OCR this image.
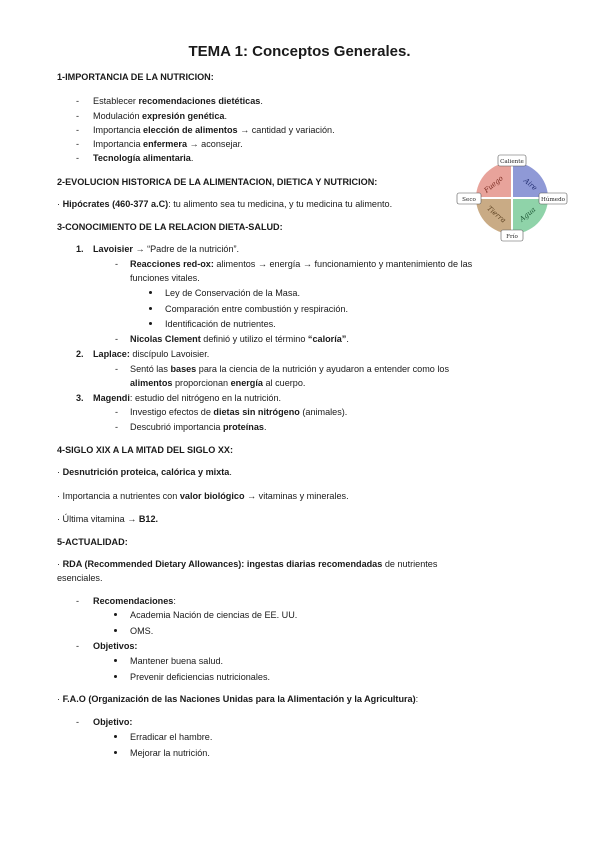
TEMA 1: Conceptos Generales.
1-IMPORTANCIA DE LA NUTRICION:
- Establecer recomendaciones dietéticas.
- Modulación expresión genética.
- Importancia elección de alimentos → cantidad y variación.
- Importancia enfermera → aconsejar.
- Tecnología alimentaria.
2-EVOLUCION HISTORICA DE LA ALIMENTACION, DIETICA Y NUTRICION:
· Hipócrates (460-377 a.C): tu alimento sea tu medicina, y tu medicina tu alimento.
3-CONOCIMIENTO DE LA RELACION DIETA-SALUD:
1. Lavoisier → “Padre de la nutrición”.
- Reacciones red-ox: alimentos → energía → funcionamiento y mantenimiento de las
funciones vitales.
Ley de Conservación de la Masa.
Comparación entre combustión y respiración.
Identificación de nutrientes.
- Nicolas Clement definió y utilizo el término “caloría”.
2. Laplace: discípulo Lavoisier.
- Sentó las bases para la ciencia de la nutrición y ayudaron a entender como los
alimentos proporcionan energía al cuerpo.
3. Magendi: estudio del nitrógeno en la nutrición.
- Investigo efectos de dietas sin nitrógeno (animales).
- Descubrió importancia proteínas.
4-SIGLO XIX A LA MITAD DEL SIGLO XX:
· Desnutrición proteica, calórica y mixta.
· Importancia a nutrientes con valor biológico → vitaminas y minerales.
· Última vitamina → B12.
5-ACTUALIDAD:
· RDA (Recommended Dietary Allowances): ingestas diarias recomendadas de nutrientes
esenciales.
- Recomendaciones:
Academia Nación de ciencias de EE. UU.
OMS.
- Objetivos:
Mantener buena salud.
Prevenir deficiencias nutricionales.
· F.A.O (Organización de las Naciones Unidas para la Alimentación y la Agricultura):
- Objetivo:
Erradicar el hambre.
Mejorar la nutrición.
Caliente
Húmedo
Frío
Seco
Fuego Aire
Tierra Agua
